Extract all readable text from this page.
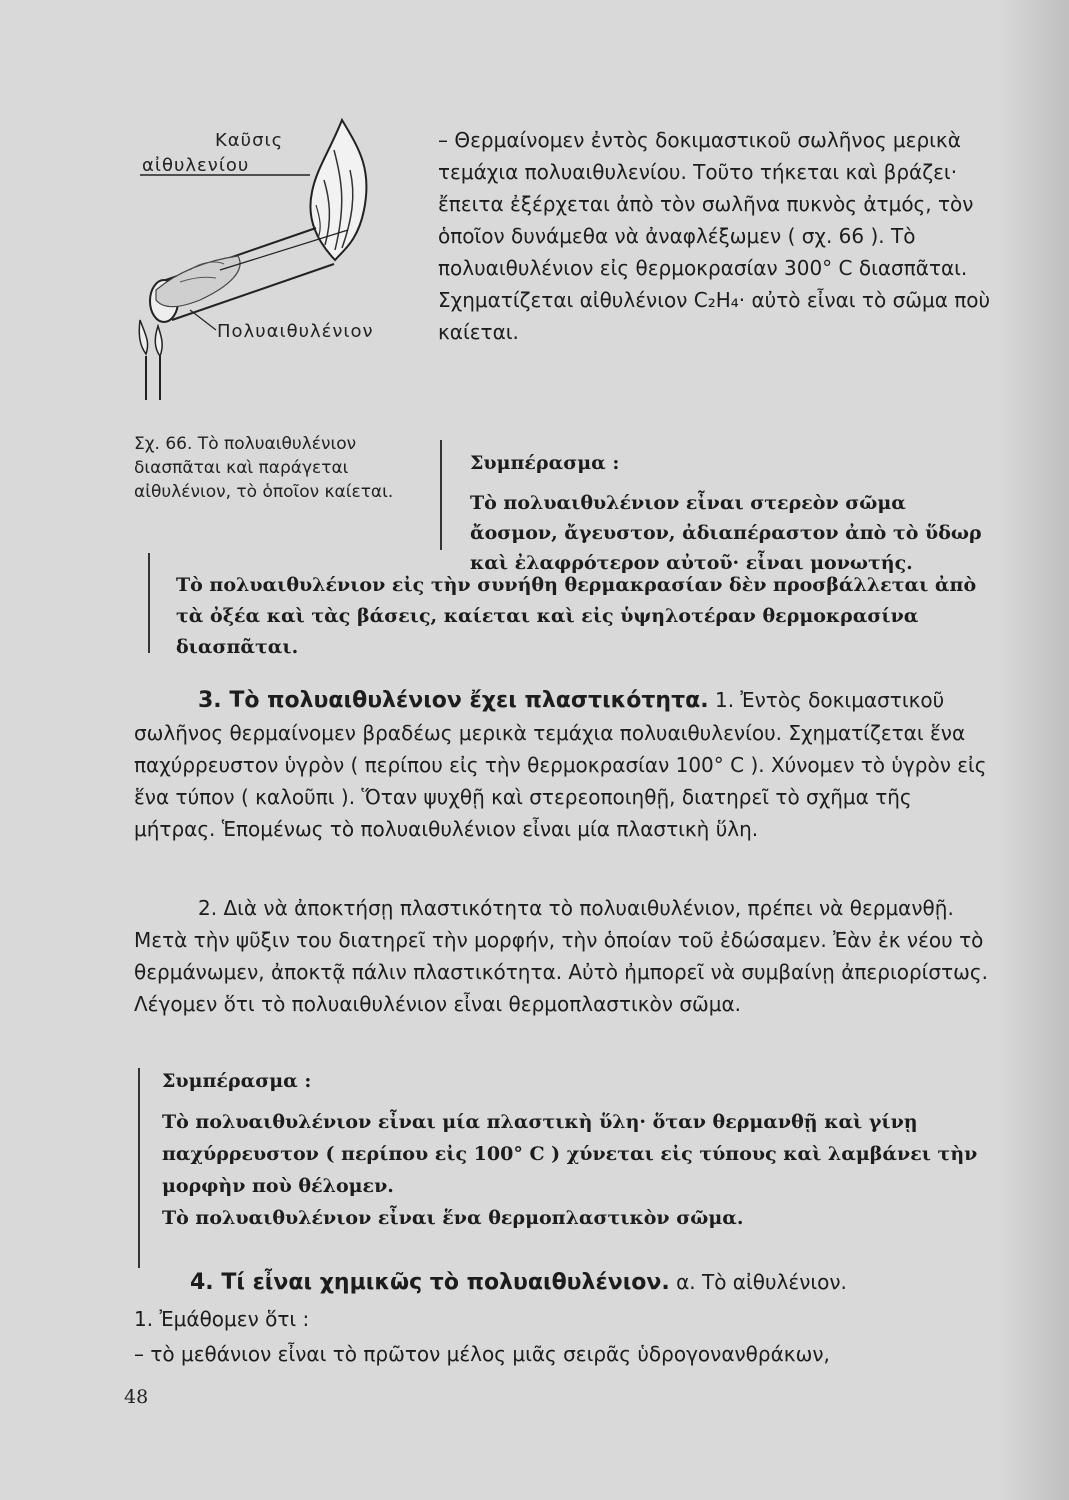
Καῦσις
αἰθυλενίου
Πολυαιθυλένιον
Σχ. 66. Τὸ πολυαιθυλένιον διασπᾶται καὶ παράγεται αἰθυλένιον, τὸ ὁποῖον καίεται.
– Θερμαίνομεν ἐντὸς δοκιμαστικοῦ σωλῆνος μερικὰ τεμάχια πολυαιθυλενίου. Τοῦτο τήκεται καὶ βράζει· ἔπειτα ἐξέρχεται ἀπὸ τὸν σωλῆνα πυκνὸς ἀτμός, τὸν ὁποῖον δυνάμεθα νὰ ἀναφλέξωμεν ( σχ. 66 ). Τὸ πολυαιθυλένιον εἰς θερμοκρασίαν 300° C διασπᾶται. Σχηματίζεται αἰθυλένιον C₂H₄· αὐτὸ εἶναι τὸ σῶμα ποὺ καίεται.
Συμπέρασμα :
Τὸ πολυαιθυλένιον εἶναι στερεὸν σῶμα ἄοσμον, ἄγευστον, ἀδιαπέραστον ἀπὸ τὸ ὕδωρ καὶ ἐλαφρότερον αὐτοῦ· εἶναι μονωτής.
Τὸ πολυαιθυλένιον εἰς τὴν συνήθη θερμακρασίαν δὲν προσβάλλεται ἀπὸ τὰ ὀξέα καὶ τὰς βάσεις, καίεται καὶ εἰς ὑψηλοτέραν θερμοκρασίνα διασπᾶται.
3. Τὸ πολυαιθυλένιον ἔχει πλαστικότητα. 1. Ἐντὸς δοκιμαστικοῦ σωλῆνος θερμαίνομεν βραδέως μερικὰ τεμάχια πολυαιθυλενίου. Σχηματίζεται ἕνα παχύρρευστον ὑγρὸν ( περίπου εἰς τὴν θερμοκρασίαν 100° C ). Χύνομεν τὸ ὑγρὸν εἰς ἕνα τύπον ( καλοῦπι ). Ὅταν ψυχθῇ καὶ στερεοποιηθῇ, διατηρεῖ τὸ σχῆμα τῆς μήτρας. Ἑπομένως τὸ πολυαιθυλένιον εἶναι μία πλαστικὴ ὕλη.
2. Διὰ νὰ ἀποκτήσῃ πλαστικότητα τὸ πολυαιθυλένιον, πρέπει νὰ θερμανθῇ. Μετὰ τὴν ψῦξιν του διατηρεῖ τὴν μορφήν, τὴν ὁποίαν τοῦ ἐδώσαμεν. Ἐὰν ἐκ νέου τὸ θερμάνωμεν, ἀποκτᾷ πάλιν πλαστικότητα. Αὐτὸ ἠμπορεῖ νὰ συμβαίνῃ ἀπεριορίστως. Λέγομεν ὅτι τὸ πολυαιθυλένιον εἶναι θερμοπλαστικὸν σῶμα.
Συμπέρασμα :
Τὸ πολυαιθυλένιον εἶναι μία πλαστικὴ ὕλη· ὅταν θερμανθῇ καὶ γίνῃ παχύρρευστον ( περίπου εἰς 100° C ) χύνεται εἰς τύπους καὶ λαμβάνει τὴν μορφὴν ποὺ θέλομεν.
Τὸ πολυαιθυλένιον εἶναι ἕνα θερμοπλαστικὸν σῶμα.
4. Τί εἶναι χημικῶς τὸ πολυαιθυλένιον. α. Τὸ αἰθυλένιον.
1. Ἐμάθομεν ὅτι :
– τὸ μεθάνιον εἶναι τὸ πρῶτον μέλος μιᾶς σειρᾶς ὑδρογονανθράκων,
48
